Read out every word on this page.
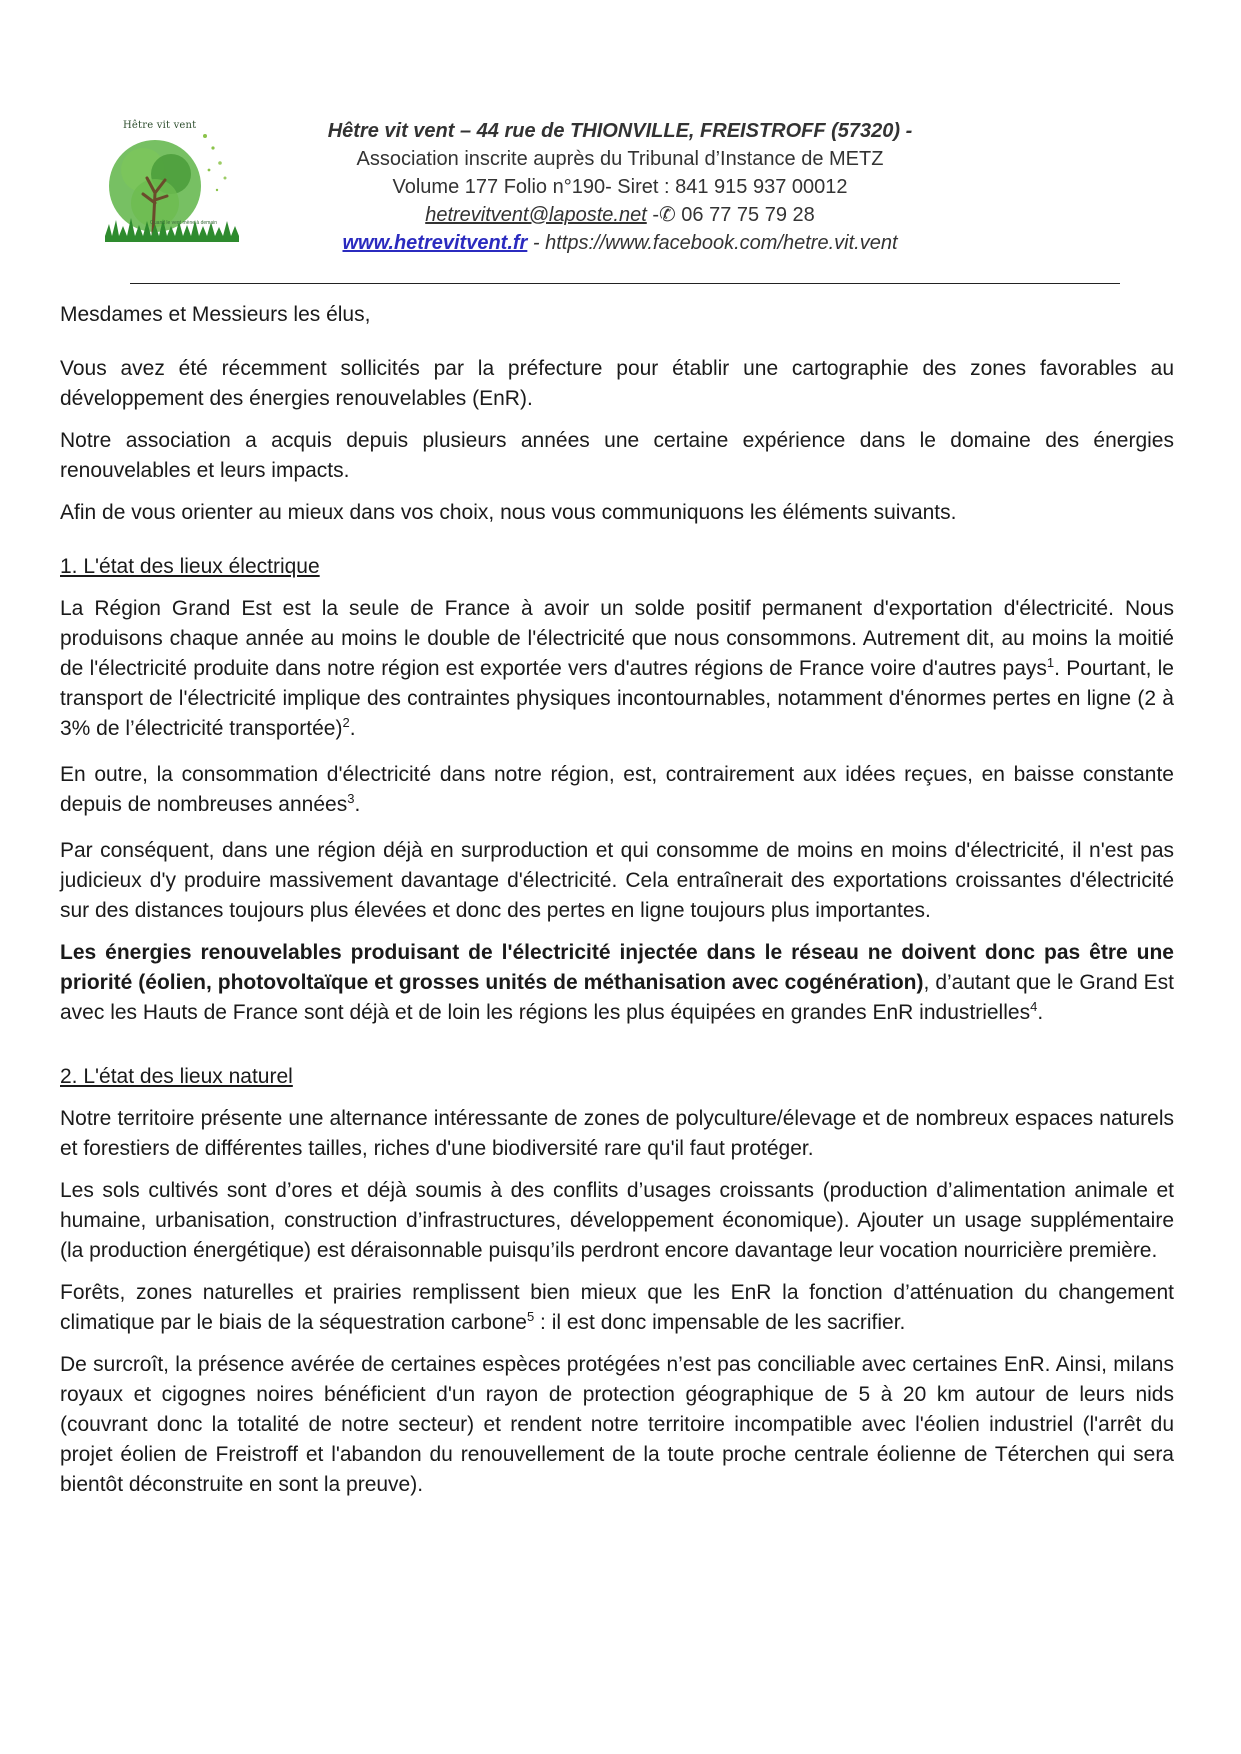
Hêtre vit vent
Quand le vent mène à demain
Hêtre vit vent – 44 rue de THIONVILLE, FREISTROFF (57320) -
Association inscrite auprès du Tribunal d’Instance de METZ
Volume 177 Folio n°190- Siret : 841 915 937 00012
hetrevitvent@laposte.net -✆ 06 77 75 79 28
www.hetrevitvent.fr - https://www.facebook.com/hetre.vit.vent

Mesdames et Messieurs les élus,

Vous avez été récemment sollicités par la préfecture pour établir une cartographie des zones favorables au développement des énergies renouvelables (EnR).

Notre association a acquis depuis plusieurs années une certaine expérience dans le domaine des énergies renouvelables et leurs impacts.

Afin de vous orienter au mieux dans vos choix, nous vous communiquons les éléments suivants.

1. L'état des lieux électrique

La Région Grand Est est la seule de France à avoir un solde positif permanent d'exportation d'électricité. Nous produisons chaque année au moins le double de l'électricité que nous consommons. Autrement dit, au moins la moitié de l'électricité produite dans notre région est exportée vers d'autres régions de France voire d'autres pays$^1$. Pourtant, le transport de l'électricité implique des contraintes physiques incontournables, notamment d'énormes pertes en ligne (2 à 3% de l’électricité transportée)$^2$.

En outre, la consommation d'électricité dans notre région, est, contrairement aux idées reçues, en baisse constante depuis de nombreuses années$^3$.

Par conséquent, dans une région déjà en surproduction et qui consomme de moins en moins d'électricité, il n'est pas judicieux d'y produire massivement davantage d'électricité. Cela entraînerait des exportations croissantes d'électricité sur des distances toujours plus élevées et donc des pertes en ligne toujours plus importantes.

Les énergies renouvelables produisant de l'électricité injectée dans le réseau ne doivent donc pas être une priorité (éolien, photovoltaïque et grosses unités de méthanisation avec cogénération), d’autant que le Grand Est avec les Hauts de France sont déjà et de loin les régions les plus équipées en grandes EnR industrielles$^4$.

2. L'état des lieux naturel

Notre territoire présente une alternance intéressante de zones de polyculture/élevage et de nombreux espaces naturels et forestiers de différentes tailles, riches d'une biodiversité rare qu'il faut protéger.

Les sols cultivés sont d’ores et déjà soumis à des conflits d’usages croissants (production d’alimentation animale et humaine, urbanisation, construction d’infrastructures, développement économique). Ajouter un usage supplémentaire (la production énergétique) est déraisonnable puisqu’ils perdront encore davantage leur vocation nourricière première.

Forêts, zones naturelles et prairies remplissent bien mieux que les EnR la fonction d’atténuation du changement climatique par le biais de la séquestration carbone$^5$ : il est donc impensable de les sacrifier.

De surcroît, la présence avérée de certaines espèces protégées n’est pas conciliable avec certaines EnR. Ainsi, milans royaux et cigognes noires bénéficient d'un rayon de protection géographique de 5 à 20 km autour de leurs nids (couvrant donc la totalité de notre secteur) et rendent notre territoire incompatible avec l'éolien industriel (l'arrêt du projet éolien de Freistroff et l'abandon du renouvellement de la toute proche centrale éolienne de Téterchen qui sera bientôt déconstruite en sont la preuve).
